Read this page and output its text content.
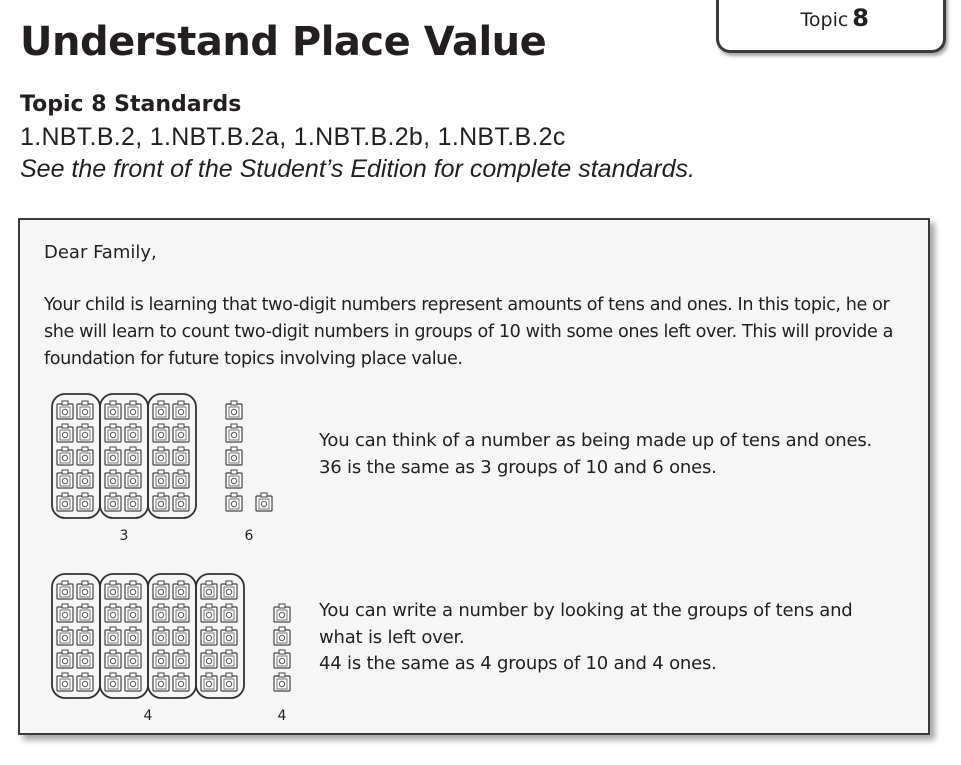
Understand Place Value	Topic 8
Topic 8 Standards

1.NBT.B.2, 1.NBT.B.2a, 1.NBT.B.2b, 1.NBT.B.2c

See the front of the Student’s Edition for complete standards.

Dear Family,

Your child is learning that two-digit numbers represent amounts of tens and ones. In this topic, he or she will learn to count two-digit numbers in groups of 10 with some ones left over. This will provide a foundation for future topics involving place value.

3	6
You can think of a number as being made up of tens and ones.
36 is the same as 3 groups of 10 and 6 ones.
4	4
You can write a number by looking at the groups of tens and
what is left over.
44 is the same as 4 groups of 10 and 4 ones.
